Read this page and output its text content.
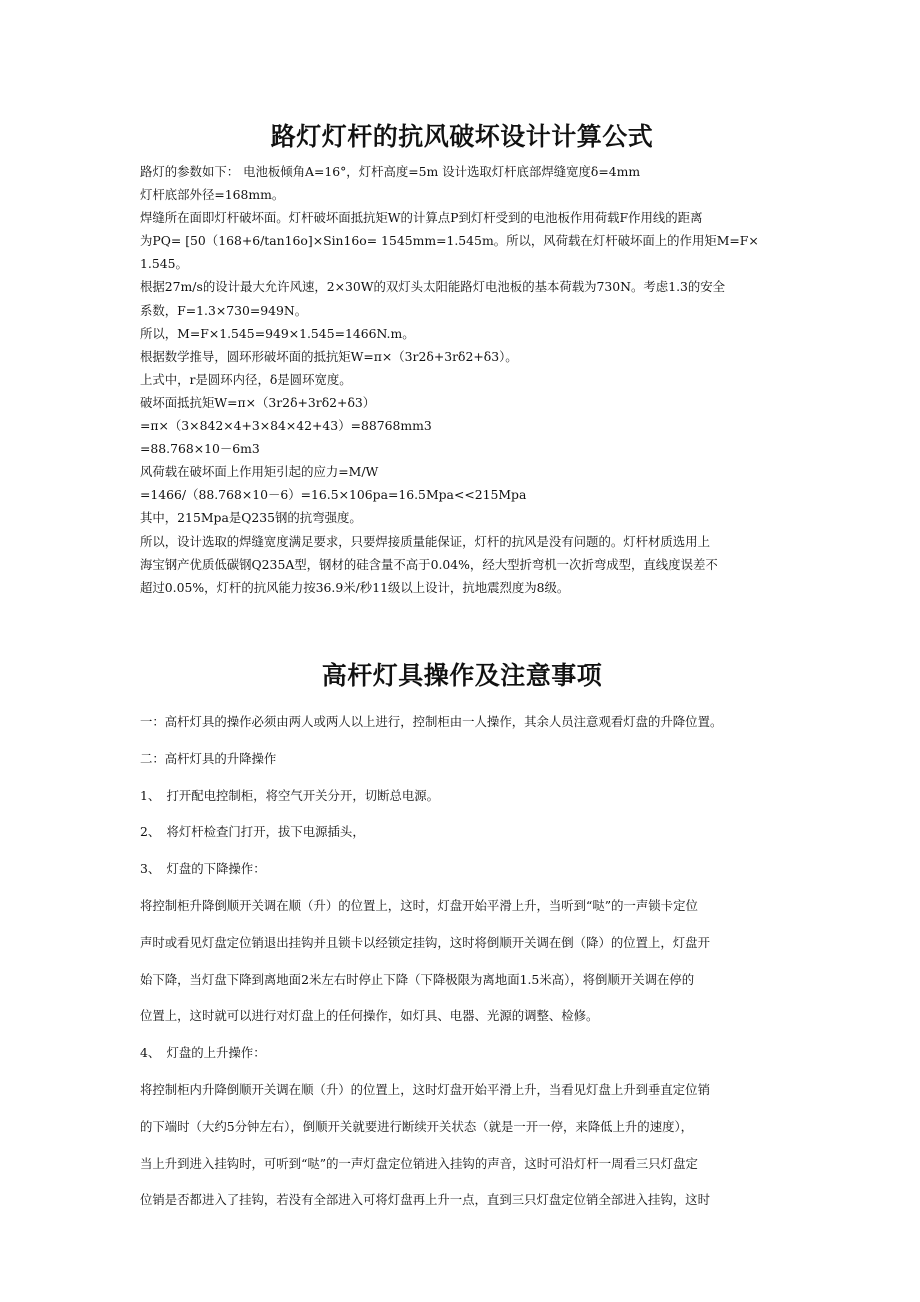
路灯灯杆的抗风破坏设计计算公式

路灯的参数如下： 电池板倾角A=16°，灯杆高度=5m 设计选取灯杆底部焊缝宽度δ=4mm

灯杆底部外径=168mm。

焊缝所在面即灯杆破坏面。灯杆破坏面抵抗矩W的计算点P到灯杆受到的电池板作用荷载F作用线的距离

为PQ= [50（168+6/tan16o]×Sin16o= 1545mm=1.545m。所以，风荷载在灯杆破坏面上的作用矩M=F×

1.545。

根据27m/s的设计最大允许风速，2×30W的双灯头太阳能路灯电池板的基本荷载为730N。考虑1.3的安全

系数，F=1.3×730=949N。

所以，M=F×1.545=949×1.545=1466N.m。

根据数学推导，圆环形破坏面的抵抗矩W=π×（3r2δ+3rδ2+δ3）。

上式中，r是圆环内径，δ是圆环宽度。

破坏面抵抗矩W=π×（3r2δ+3rδ2+δ3）

=π×（3×842×4+3×84×42+43）=88768mm3

=88.768×10－6m3

风荷载在破坏面上作用矩引起的应力=M/W

=1466/（88.768×10－6）=16.5×106pa=16.5Mpa<<215Mpa

其中，215Mpa是Q235钢的抗弯强度。

所以，设计选取的焊缝宽度满足要求，只要焊接质量能保证，灯杆的抗风是没有问题的。灯杆材质选用上

海宝钢产优质低碳钢Q235A型，钢材的硅含量不高于0.04%，经大型折弯机一次折弯成型，直线度误差不

超过0.05%，灯杆的抗风能力按36.9米/秒11级以上设计，抗地震烈度为8级。

高杆灯具操作及注意事项

一：高杆灯具的操作必须由两人或两人以上进行，控制柜由一人操作，其余人员注意观看灯盘的升降位置。

二：高杆灯具的升降操作

1、　打开配电控制柜，将空气开关分开，切断总电源。

2、　将灯杆检查门打开，拔下电源插头，

3、　灯盘的下降操作：

将控制柜升降倒顺开关调在顺（升）的位置上，这时，灯盘开始平滑上升，当听到“哒”的一声锁卡定位

声时或看见灯盘定位销退出挂钩并且锁卡以经锁定挂钩，这时将倒顺开关调在倒（降）的位置上，灯盘开

始下降，当灯盘下降到离地面2米左右时停止下降（下降极限为离地面1.5米高），将倒顺开关调在停的

位置上，这时就可以进行对灯盘上的任何操作，如灯具、电器、光源的调整、检修。

4、　灯盘的上升操作：

将控制柜内升降倒顺开关调在顺（升）的位置上，这时灯盘开始平滑上升，当看见灯盘上升到垂直定位销

的下端时（大约5分钟左右），倒顺开关就要进行断续开关状态（就是一开一停，来降低上升的速度），

当上升到进入挂钩时，可听到“哒”的一声灯盘定位销进入挂钩的声音，这时可沿灯杆一周看三只灯盘定

位销是否都进入了挂钩，若没有全部进入可将灯盘再上升一点，直到三只灯盘定位销全部进入挂钩，这时
